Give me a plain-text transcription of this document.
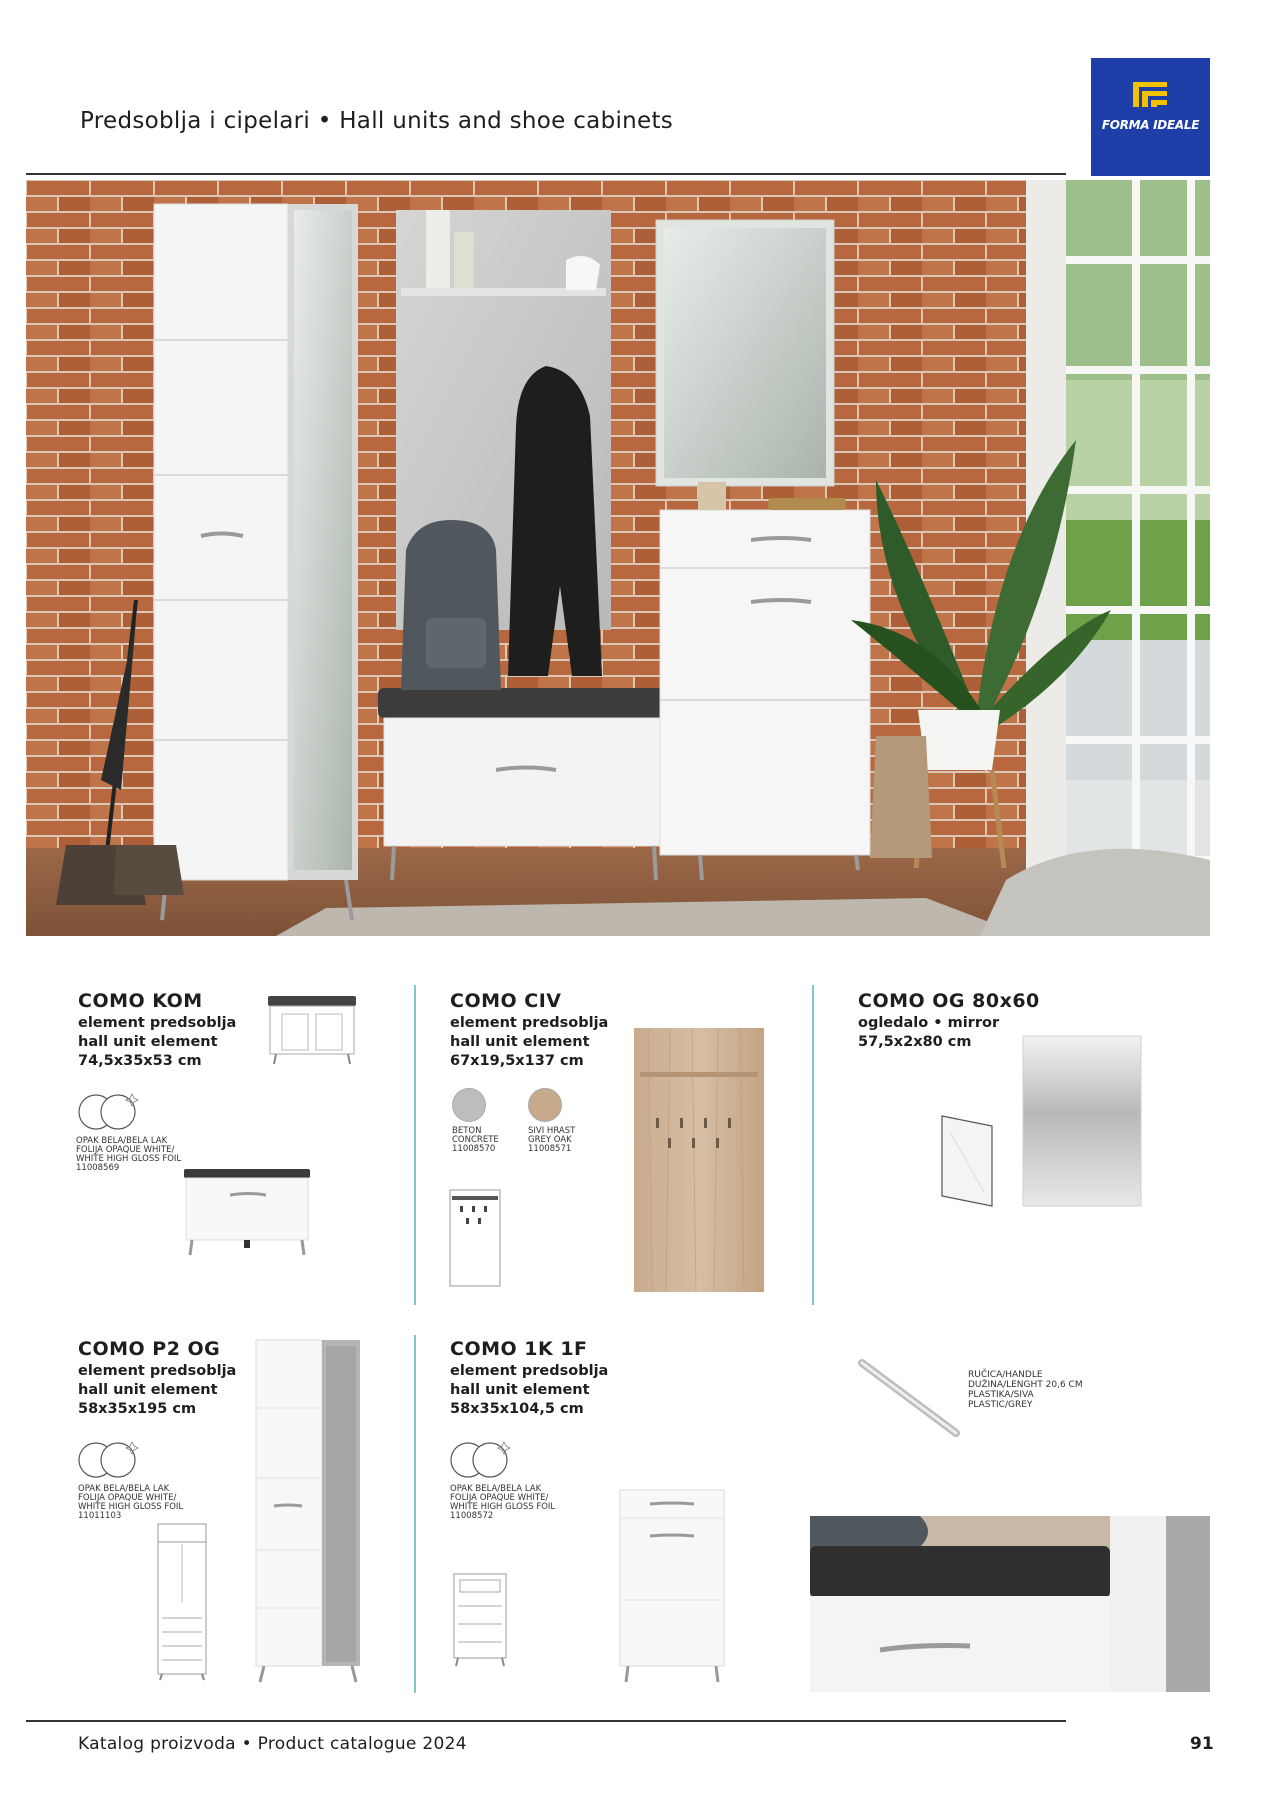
Predsoblja i cipelari • Hall units and shoe cabinets	FORMA IDEALE
COMO KOM
element predsoblja
hall unit element
74,5x35x53 cm
OPAK BELA/BELA LAK
FOLIJA OPAQUE WHITE/
WHITE HIGH GLOSS FOIL
11008569
COMO CIV
element predsoblja
hall unit element
67x19,5x137 cm
BETON
CONCRETE
11008570
SIVI HRAST
GREY OAK
11008571
COMO OG 80x60
ogledalo • mirror
57,5x2x80 cm
COMO P2 OG
element predsoblja
hall unit element
58x35x195 cm
OPAK BELA/BELA LAK
FOLIJA OPAQUE WHITE/
WHITE HIGH GLOSS FOIL
11011103
COMO 1K 1F
element predsoblja
hall unit element
58x35x104,5 cm
OPAK BELA/BELA LAK
FOLIJA OPAQUE WHITE/
WHITE HIGH GLOSS FOIL
11008572
RUČICA/HANDLE
DUŽINA/LENGHT 20,6 CM
PLASTIKA/SIVA
PLASTIC/GREY
Katalog proizvoda • Product catalogue 2024	91
